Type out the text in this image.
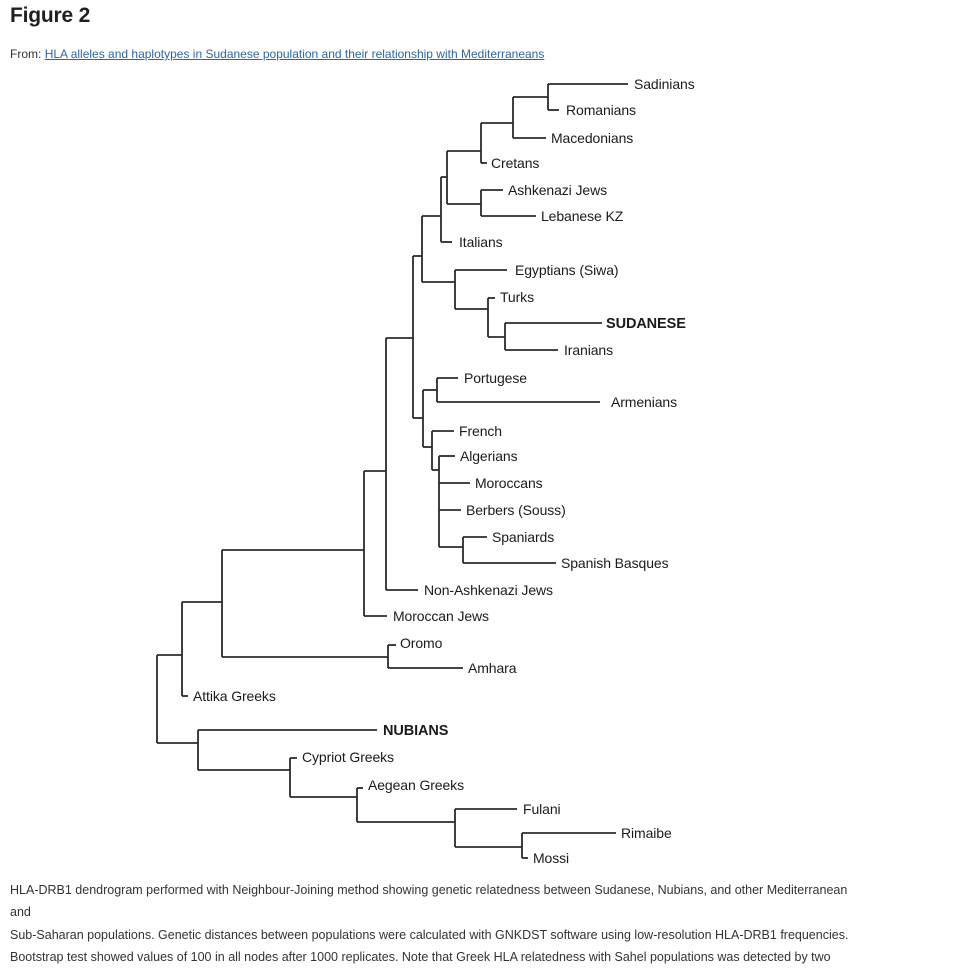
Figure 2
From: HLA alleles and haplotypes in Sudanese population and their relationship with Mediterraneans
Sadinians
Romanians
Macedonians
Cretans
Ashkenazi Jews
Lebanese KZ
Italians
Egyptians (Siwa)
Turks
SUDANESE
Iranians
Portugese
Armenians
French
Algerians
Moroccans
Berbers (Souss)
Spaniards
Spanish Basques
Non-Ashkenazi Jews
Moroccan Jews
Oromo
Amhara
Attika Greeks
NUBIANS
Cypriot Greeks
Aegean Greeks
Fulani
Rimaibe
Mossi

HLA-DRB1 dendrogram performed with Neighbour-Joining method showing genetic relatedness between Sudanese, Nubians, and other Mediterranean and

Sub-Saharan populations. Genetic distances between populations were calculated with GNKDST software using low-resolution HLA-DRB1 frequencies.

Bootstrap test showed values of 100 in all nodes after 1000 replicates. Note that Greek HLA relatedness with Sahel populations was detected by two
